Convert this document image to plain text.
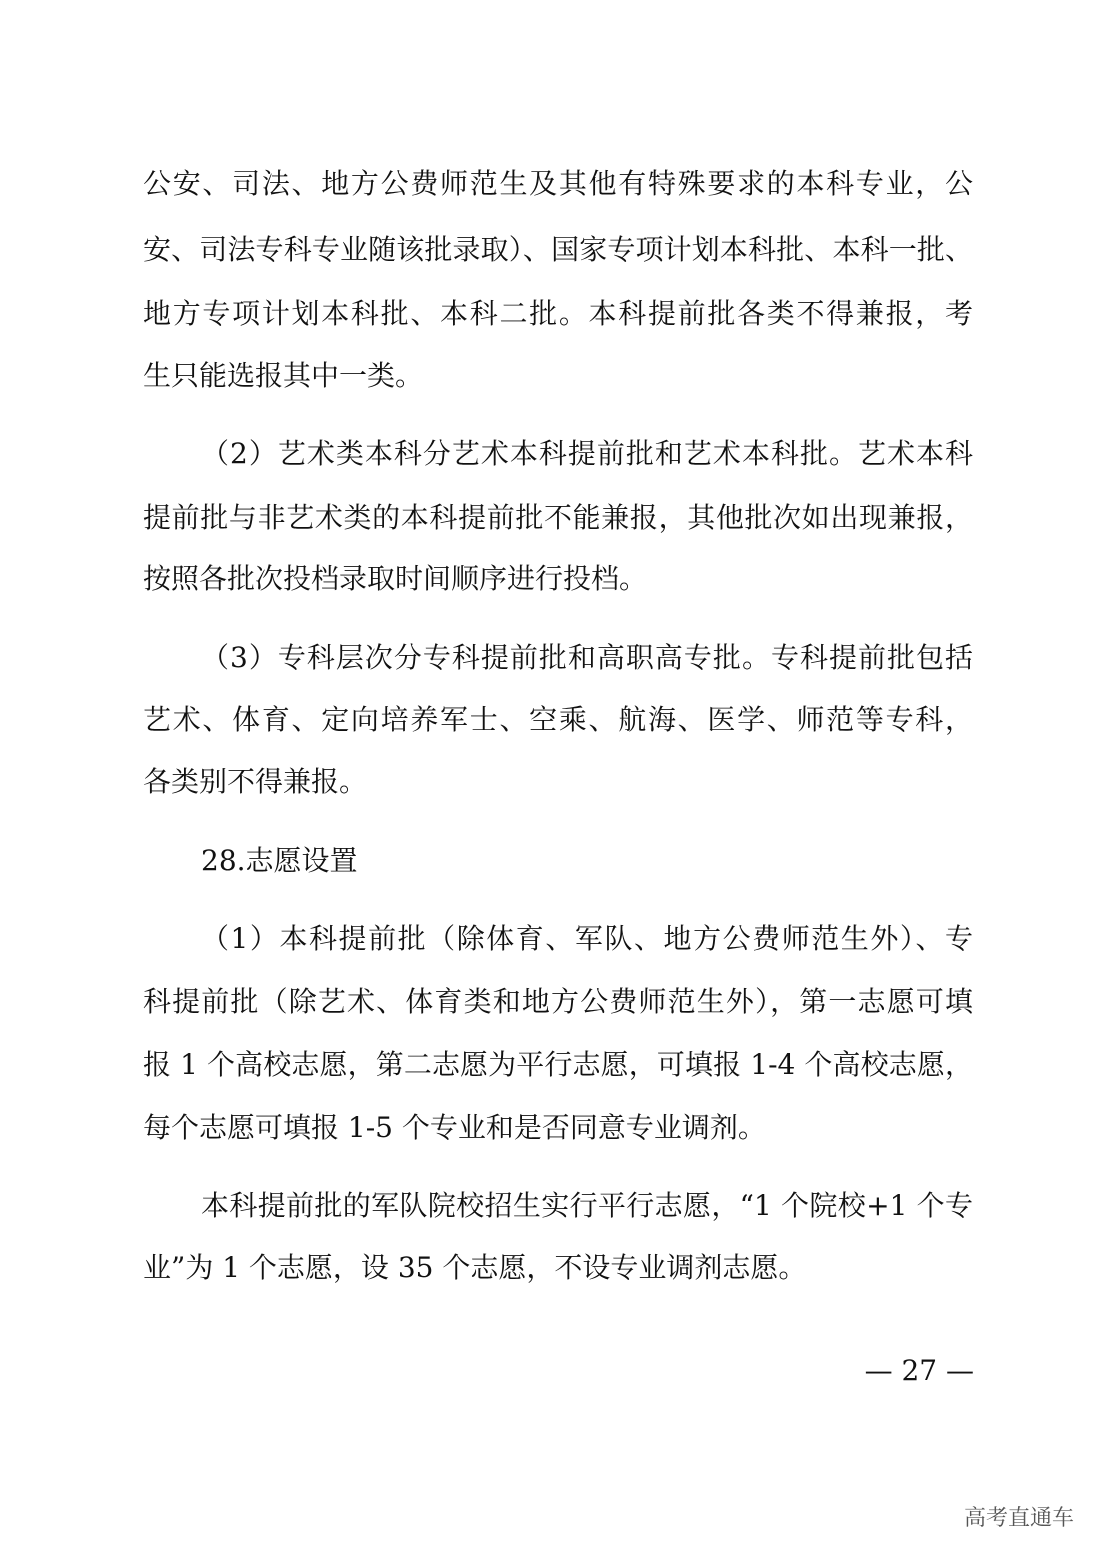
公安、司法、地方公费师范生及其他有特殊要求的本科专业，公
安、司法专科专业随该批录取）、国家专项计划本科批、本科一批、
地方专项计划本科批、本科二批。本科提前批各类不得兼报，考
生只能选报其中一类。
（2）艺术类本科分艺术本科提前批和艺术本科批。艺术本科
提前批与非艺术类的本科提前批不能兼报，其他批次如出现兼报，
按照各批次投档录取时间顺序进行投档。
（3）专科层次分专科提前批和高职高专批。专科提前批包括
艺术、体育、定向培养军士、空乘、航海、医学、师范等专科，
各类别不得兼报。
28.志愿设置
（1）本科提前批（除体育、军队、地方公费师范生外）、专
科提前批（除艺术、体育类和地方公费师范生外），第一志愿可填
报 1 个高校志愿，第二志愿为平行志愿，可填报 1-4 个高校志愿，
每个志愿可填报 1-5 个专业和是否同意专业调剂。
本科提前批的军队院校招生实行平行志愿，“1 个院校+1 个专
业”为 1 个志愿，设 35 个志愿，不设专业调剂志愿。
— 27 —
高考直通车
